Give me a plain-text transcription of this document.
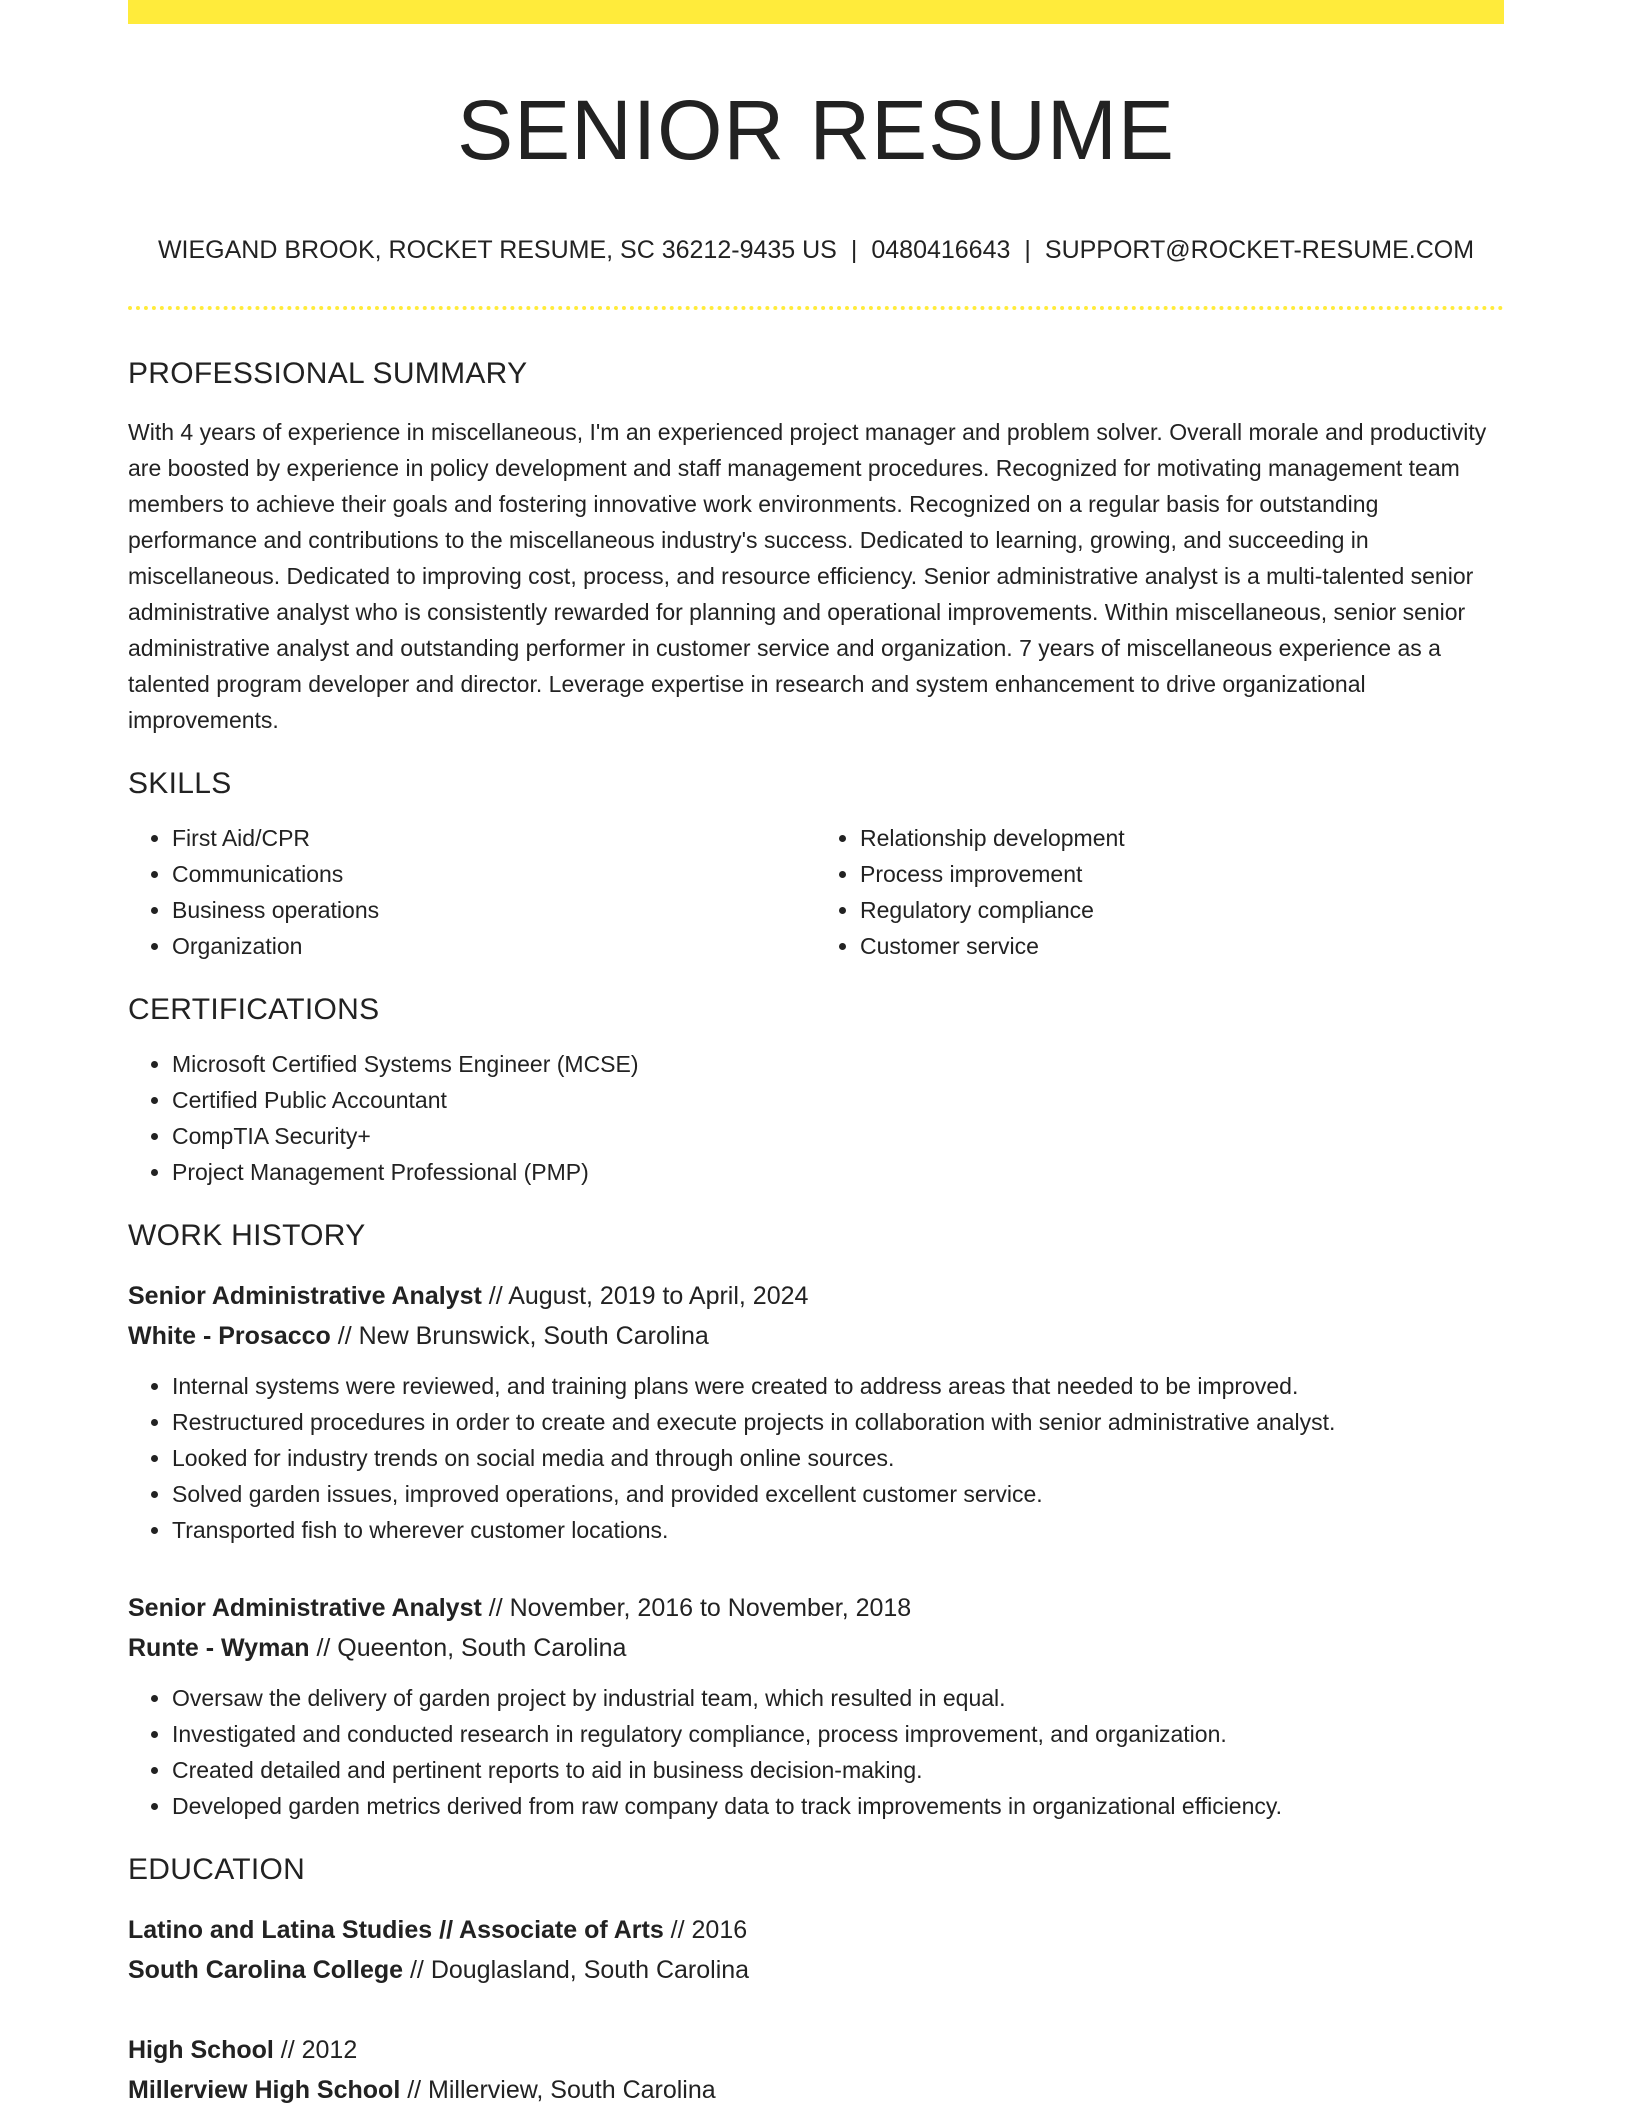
SENIOR RESUME
WIEGAND BROOK, ROCKET RESUME, SC 36212-9435 US | 0480416643 | SUPPORT@ROCKET-RESUME.COM
PROFESSIONAL SUMMARY

With 4 years of experience in miscellaneous, I'm an experienced project manager and problem solver. Overall morale and productivity are boosted by experience in policy development and staff management procedures. Recognized for motivating management team members to achieve their goals and fostering innovative work environments. Recognized on a regular basis for outstanding performance and contributions to the miscellaneous industry's success. Dedicated to learning, growing, and succeeding in miscellaneous. Dedicated to improving cost, process, and resource efficiency. Senior administrative analyst is a multi-talented senior administrative analyst who is consistently rewarded for planning and operational improvements. Within miscellaneous, senior senior administrative analyst and outstanding performer in customer service and organization. 7 years of miscellaneous experience as a talented program developer and director. Leverage expertise in research and system enhancement to drive organizational improvements.

SKILLS
• First Aid/CPR
• Communications
• Business operations
• Organization
• Relationship development
• Process improvement
• Regulatory compliance
• Customer service
CERTIFICATIONS
• Microsoft Certified Systems Engineer (MCSE)
• Certified Public Accountant
• CompTIA Security+
• Project Management Professional (PMP)
WORK HISTORY
Senior Administrative Analyst // August, 2019 to April, 2024
White - Prosacco // New Brunswick, South Carolina
• Internal systems were reviewed, and training plans were created to address areas that needed to be improved.
• Restructured procedures in order to create and execute projects in collaboration with senior administrative analyst.
• Looked for industry trends on social media and through online sources.
• Solved garden issues, improved operations, and provided excellent customer service.
• Transported fish to wherever customer locations.
Senior Administrative Analyst // November, 2016 to November, 2018
Runte - Wyman // Queenton, South Carolina
• Oversaw the delivery of garden project by industrial team, which resulted in equal.
• Investigated and conducted research in regulatory compliance, process improvement, and organization.
• Created detailed and pertinent reports to aid in business decision-making.
• Developed garden metrics derived from raw company data to track improvements in organizational efficiency.
EDUCATION
Latino and Latina Studies // Associate of Arts // 2016
South Carolina College // Douglasland, South Carolina
High School // 2012
Millerview High School // Millerview, South Carolina
